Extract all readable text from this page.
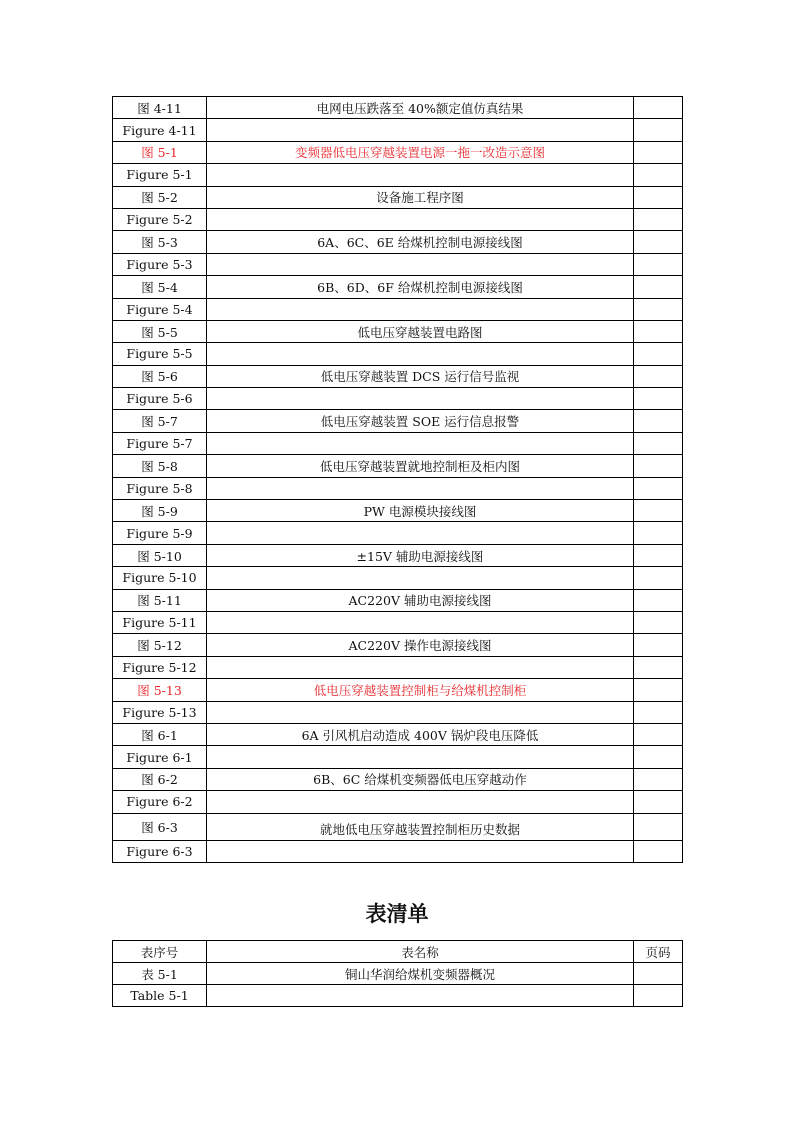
图 4-11	电网电压跌落至 40%额定值仿真结果	
Figure 4-11		
图 5-1	变频器低电压穿越装置电源一拖一改造示意图	
Figure 5-1		
图 5-2	设备施工程序图	
Figure 5-2		
图 5-3	6A、6C、6E 给煤机控制电源接线图	
Figure 5-3		
图 5-4	6B、6D、6F 给煤机控制电源接线图	
Figure 5-4		
图 5-5	低电压穿越装置电路图	
Figure 5-5		
图 5-6	低电压穿越装置 DCS 运行信号监视	
Figure 5-6		
图 5-7	低电压穿越装置 SOE 运行信息报警	
Figure 5-7		
图 5-8	低电压穿越装置就地控制柜及柜内图	
Figure 5-8		
图 5-9	PW 电源模块接线图	
Figure 5-9		
图 5-10	±15V 辅助电源接线图	
Figure 5-10		
图 5-11	AC220V 辅助电源接线图	
Figure 5-11		
图 5-12	AC220V 操作电源接线图	
Figure 5-12		
图 5-13	低电压穿越装置控制柜与给煤机控制柜	
Figure 5-13		
图 6-1	6A 引风机启动造成 400V 锅炉段电压降低	
Figure 6-1		
图 6-2	6B、6C 给煤机变频器低电压穿越动作	
Figure 6-2		
图 6-3	就地低电压穿越装置控制柜历史数据	
Figure 6-3		
表清单
表序号	表名称	页码
表 5-1	铜山华润给煤机变频器概况	
Table 5-1		
